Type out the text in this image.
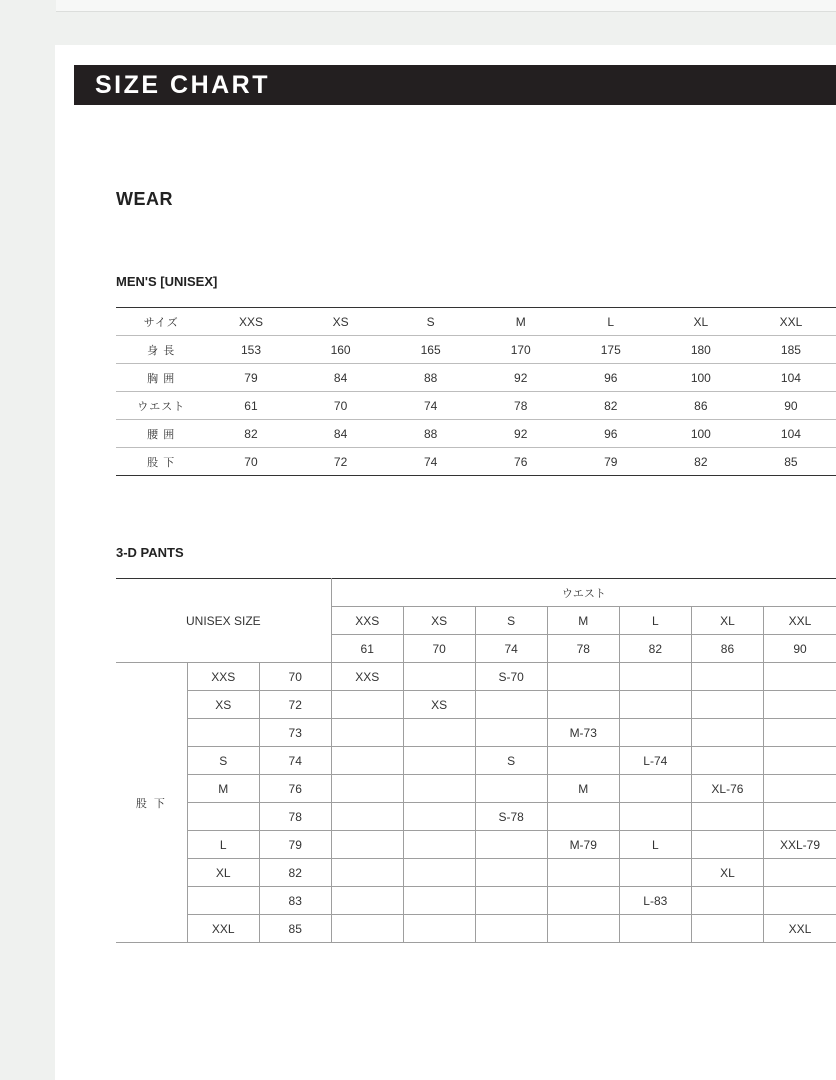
SIZE CHART
WEAR
MEN'S [UNISEX]
サイズ	XXS	XS	S	M	L	XL	XXL
身 長	153	160	165	170	175	180	185
胸 囲	79	84	88	92	96	100	104
ウエスト	61	70	74	78	82	86	90
腰 囲	82	84	88	92	96	100	104
股 下	70	72	74	76	79	82	85
3-D PANTS
UNISEX SIZE			ウエスト						
			XXS	XS	S	M	L	XL	XXL
			61	70	74	78	82	86	90
股 下	XXS	70	XXS		S-70				
	XS	72		XS					
		73				M-73			
	S	74			S		L-74		
	M	76				M		XL-76	
		78			S-78				
	L	79				M-79	L		XXL-79
	XL	82						XL	
		83					L-83		
	XXL	85							XXL
